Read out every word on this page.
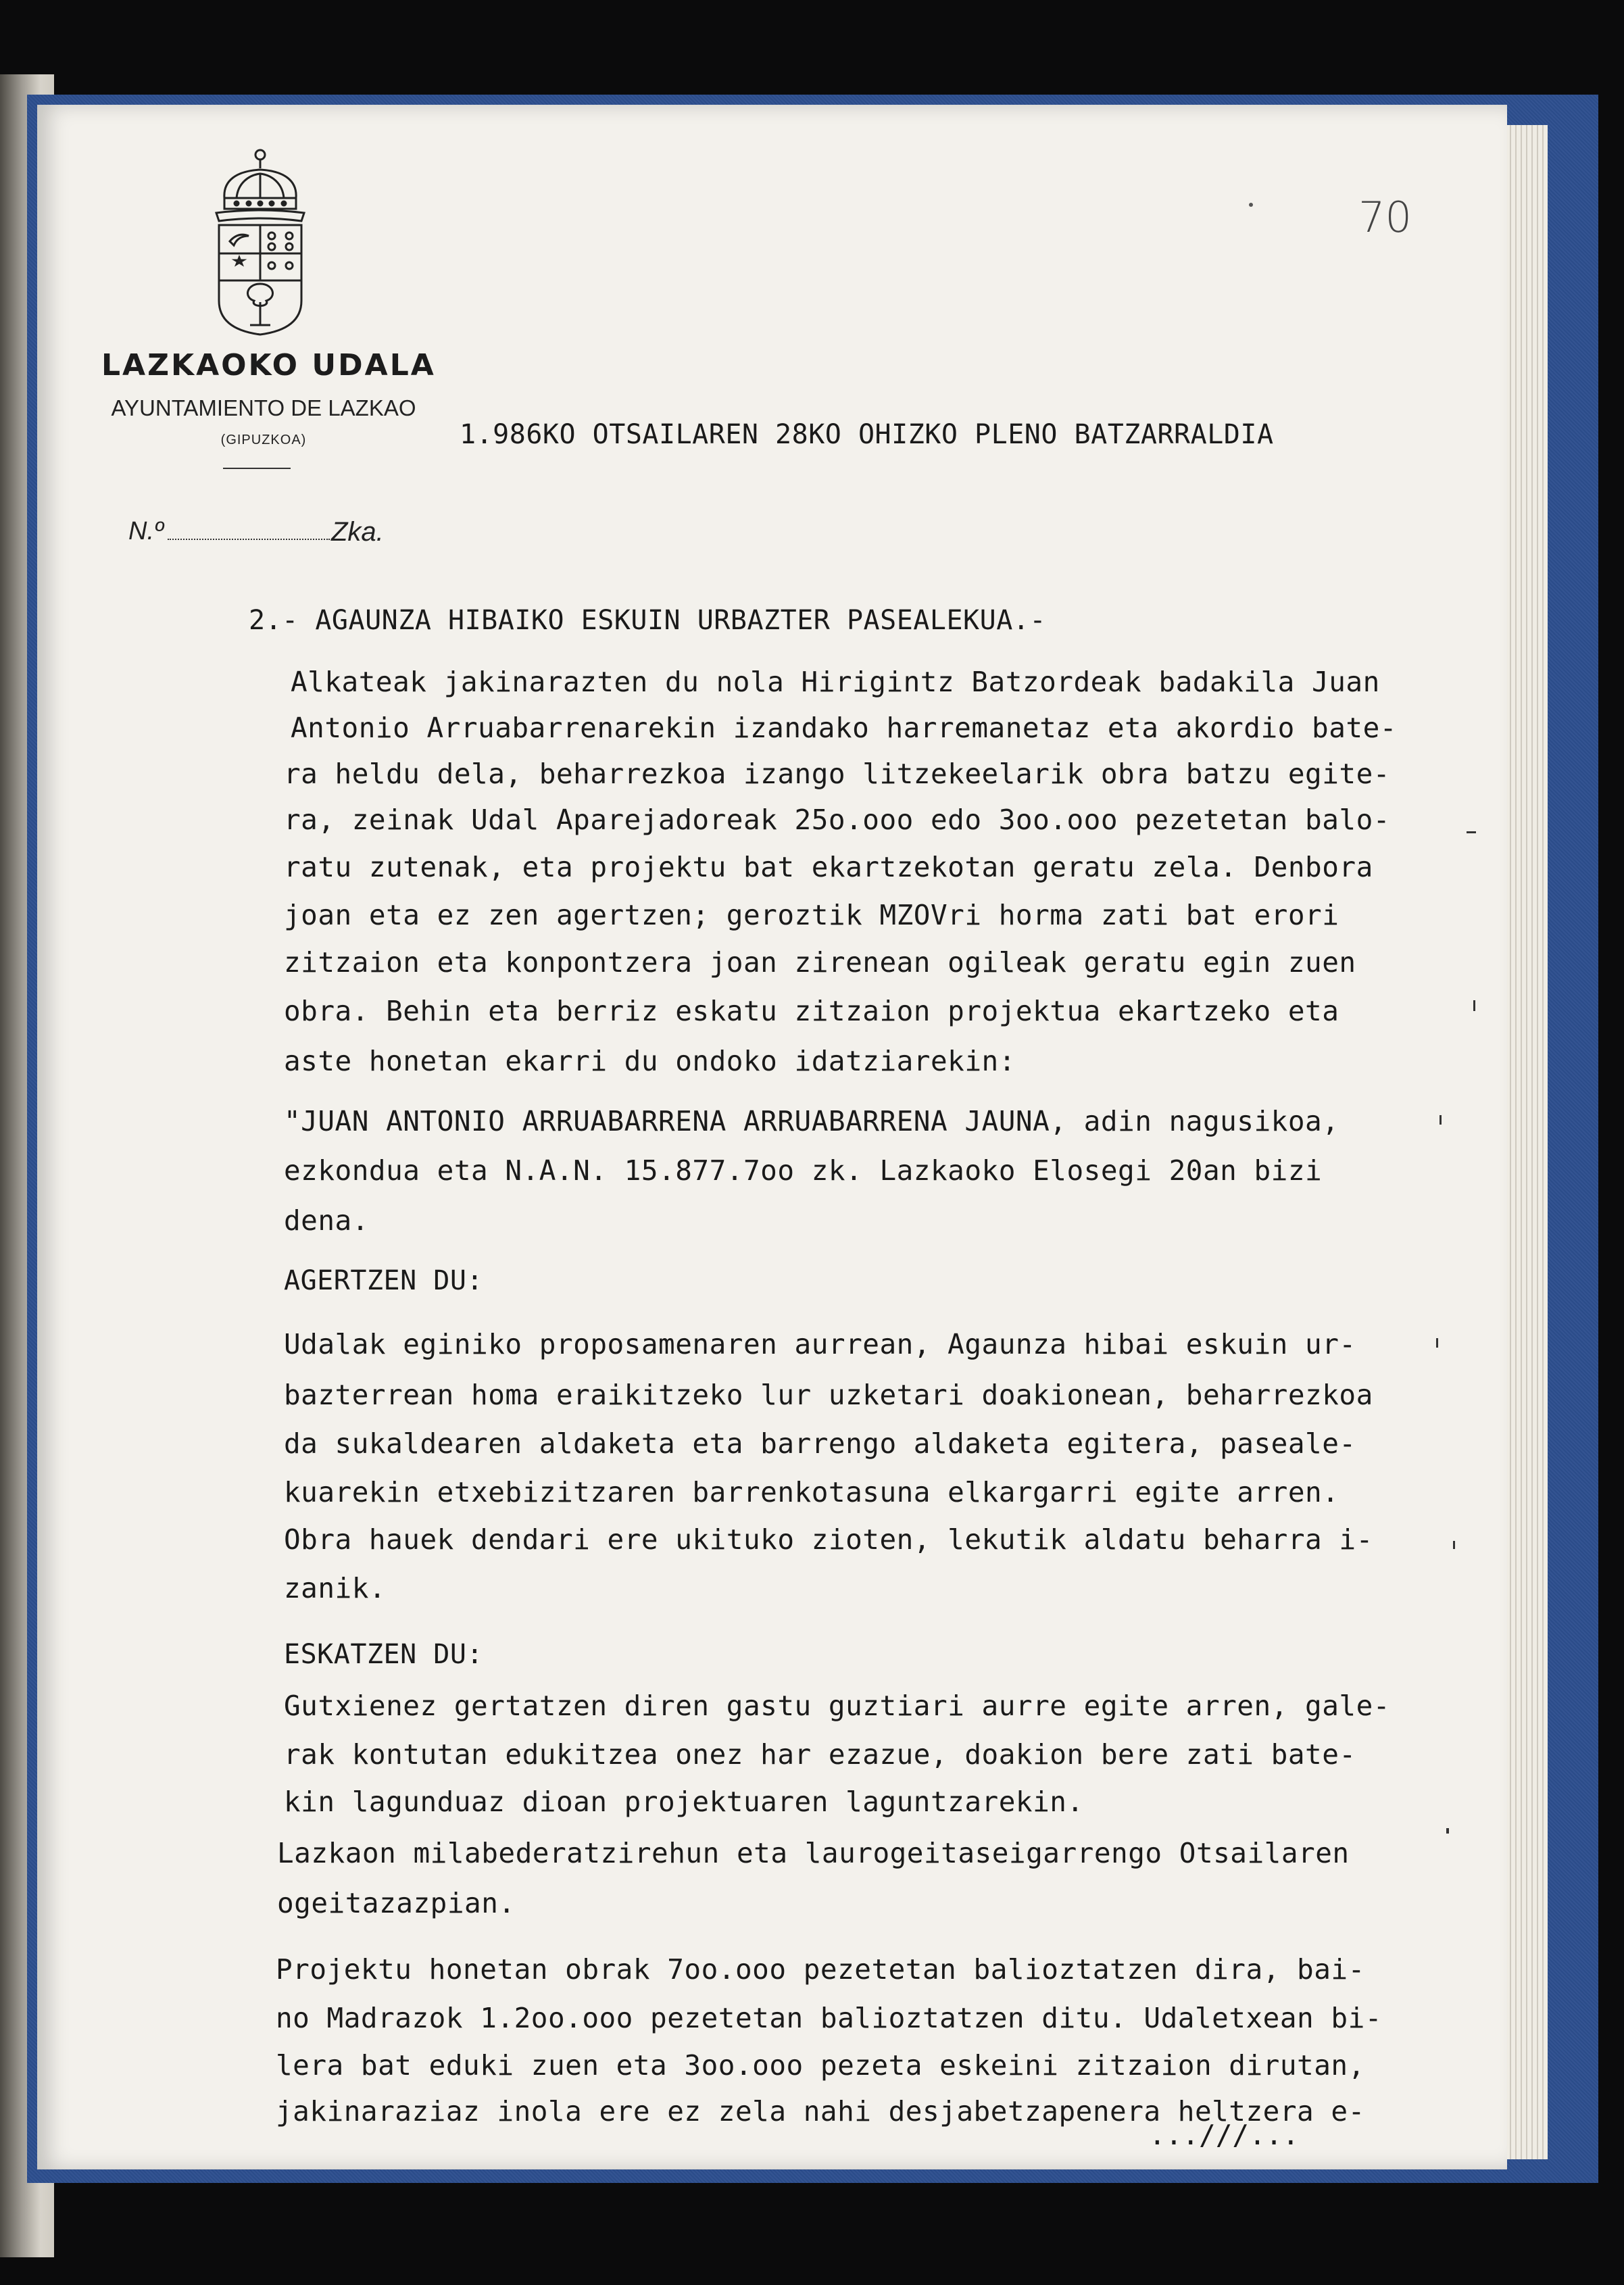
LAZKAOKO UDALA
AYUNTAMIENTO DE LAZKAO
(GIPUZKOA)
N.º	Zka.
70
1.986KO OTSAILAREN 28KO OHIZKO PLENO BATZARRALDIA
2.- AGAUNZA HIBAIKO ESKUIN URBAZTER PASEALEKUA.-
Alkateak jakinarazten du nola Hirigintz Batzordeak badakila Juan
Antonio Arruabarrenarekin izandako harremanetaz eta akordio bate-
ra heldu dela, beharrezkoa izango litzekeelarik obra batzu egite-
ra, zeinak Udal Aparejadoreak 25o.ooo edo 3oo.ooo pezetetan balo-
ratu zutenak, eta projektu bat ekartzekotan geratu zela. Denbora
joan eta ez zen agertzen; geroztik MZOVri horma zati bat erori
zitzaion eta konpontzera joan zirenean ogileak geratu egin zuen
obra. Behin eta berriz eskatu zitzaion projektua ekartzeko eta
aste honetan ekarri du ondoko idatziarekin:
"JUAN ANTONIO ARRUABARRENA ARRUABARRENA JAUNA, adin nagusikoa,
ezkondua eta N.A.N. 15.877.7oo zk. Lazkaoko Elosegi 20an bizi
dena.
AGERTZEN DU:
Udalak eginiko proposamenaren aurrean, Agaunza hibai eskuin ur-
bazterrean homa eraikitzeko lur uzketari doakionean, beharrezkoa
da sukaldearen aldaketa eta barrengo aldaketa egitera, paseale-
kuarekin etxebizitzaren barrenkotasuna elkargarri egite arren.
Obra hauek dendari ere ukituko zioten, lekutik aldatu beharra i-
zanik.
ESKATZEN DU:
Gutxienez gertatzen diren gastu guztiari aurre egite arren, gale-
rak kontutan edukitzea onez har ezazue, doakion bere zati bate-
kin lagunduaz dioan projektuaren laguntzarekin.
Lazkaon milabederatzirehun eta laurogeitaseigarrengo Otsailaren
ogeitazazpian.
Projektu honetan obrak 7oo.ooo pezetetan balioztatzen dira, bai-
no Madrazok 1.2oo.ooo pezetetan balioztatzen ditu. Udaletxean bi-
lera bat eduki zuen eta 3oo.ooo pezeta eskeini zitzaion dirutan,
jakinaraziaz inola ere ez zela nahi desjabetzapenera heltzera e-
...///...
